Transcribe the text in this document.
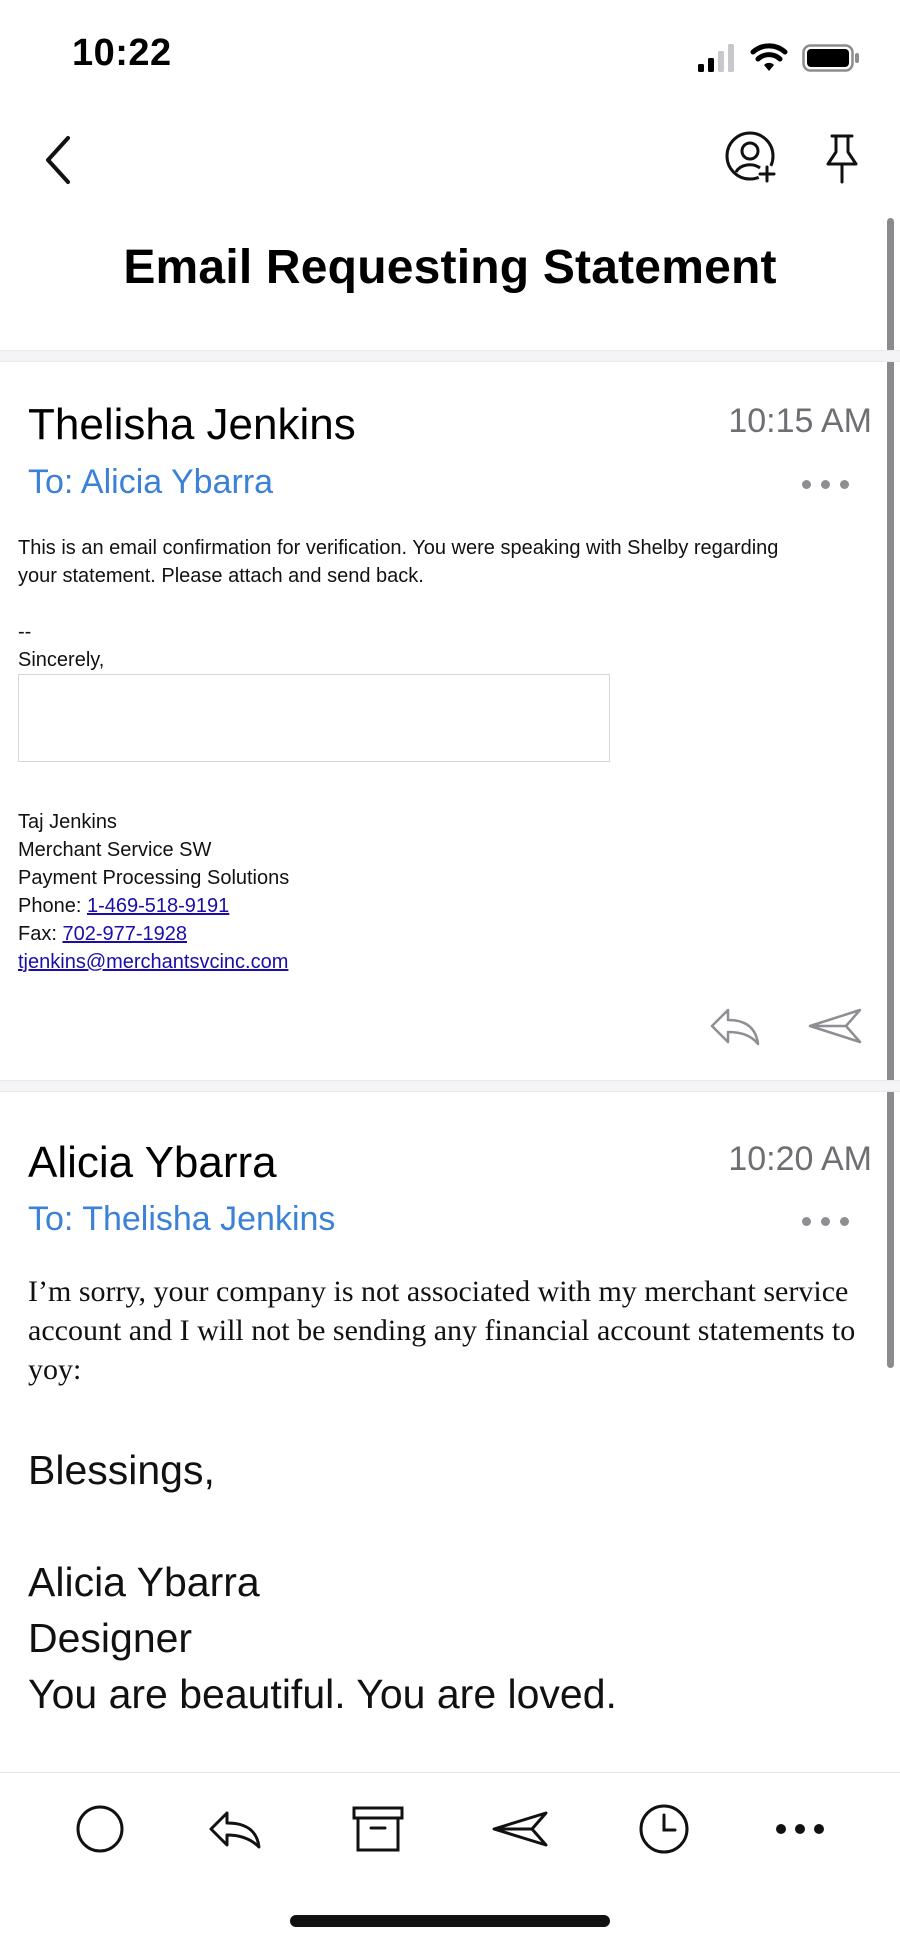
10:22
Email Requesting Statement
Thelisha Jenkins	10:15 AM
To: Alicia Ybarra

This is an email confirmation for verification. You were speaking with Shelby regarding

your statement. Please attach and send back.

--

Sincerely,

Taj Jenkins
Merchant Service SW
Payment Processing Solutions
Phone: 1-469-518-9191
Fax: 702-977-1928
tjenkins@merchantsvcinc.com
Alicia Ybarra	10:20 AM
To: Thelisha Jenkins
I’m sorry, your company is not associated with my merchant service account and I will not be sending any financial account statements to yoy:
Blessings,
Alicia Ybarra
Designer
You are beautiful. You are loved.
